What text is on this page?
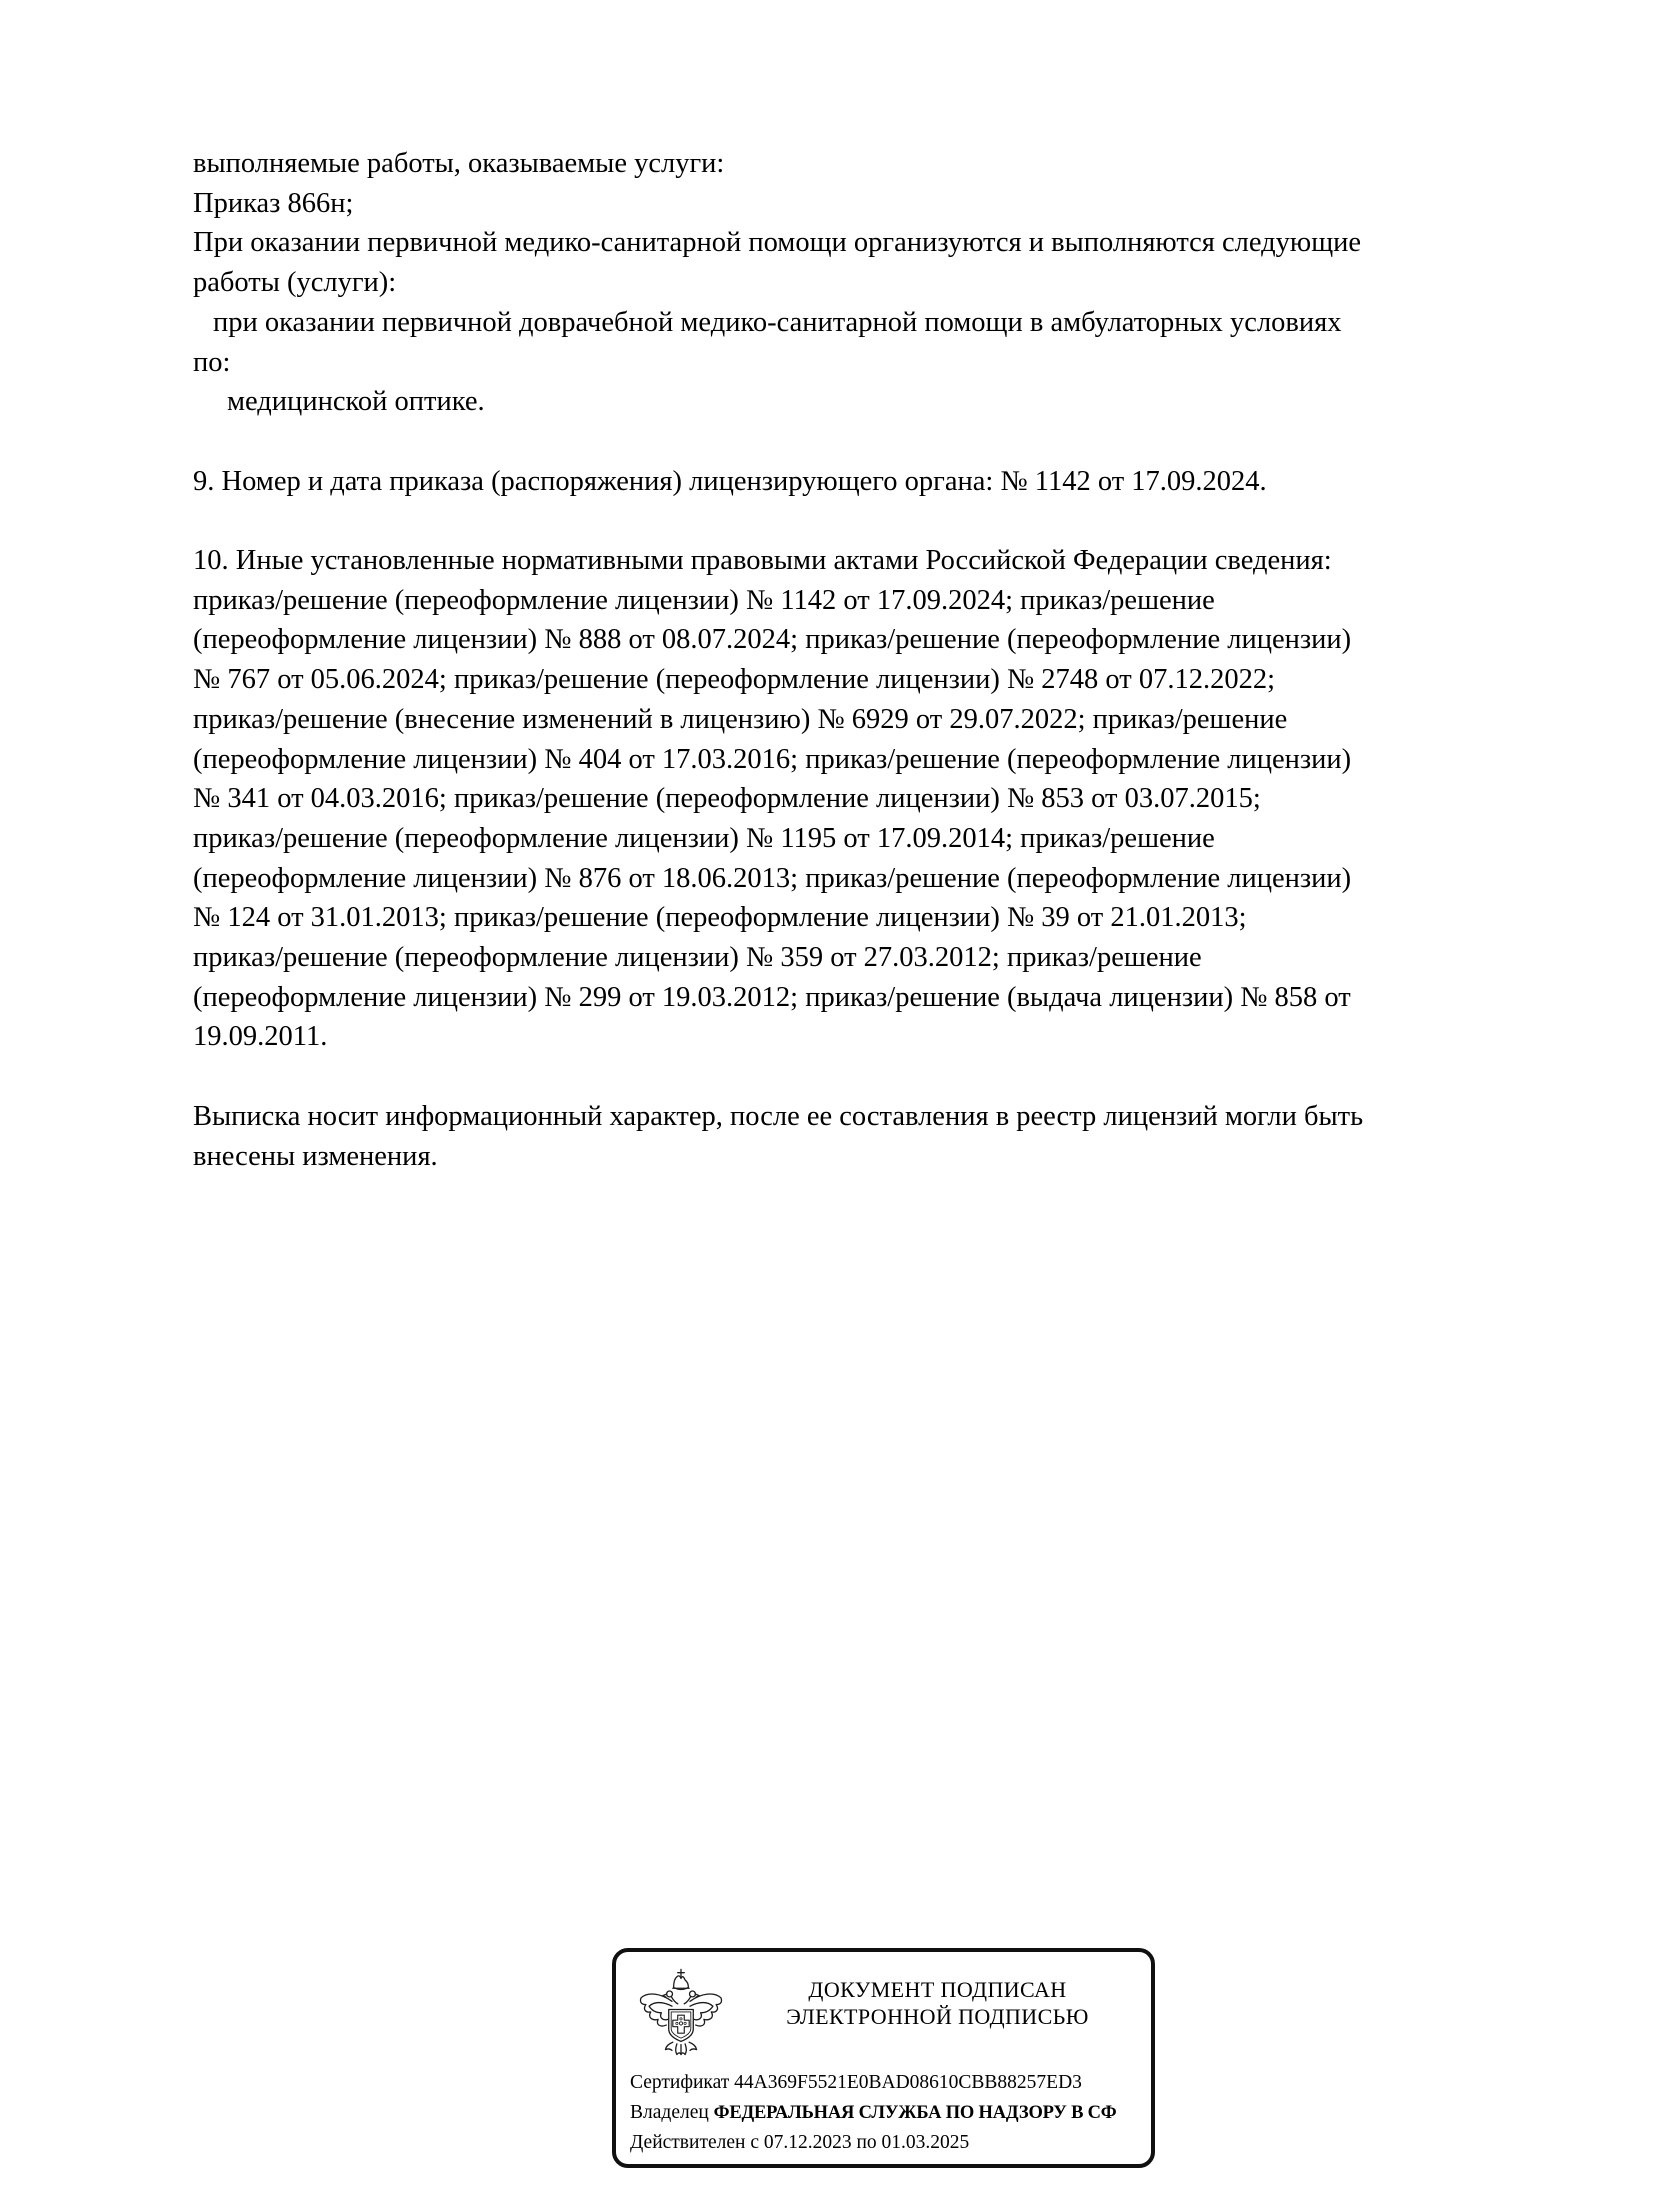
выполняемые работы, оказываемые услуги:
Приказ 866н;
При оказании первичной медико-санитарной помощи организуются и выполняются следующие
работы (услуги):
при оказании первичной доврачебной медико-санитарной помощи в амбулаторных условиях
по:
медицинской оптике.
9. Номер и дата приказа (распоряжения) лицензирующего органа: № 1142 от 17.09.2024.
10. Иные установленные нормативными правовыми актами Российской Федерации сведения:
приказ/решение (переоформление лицензии) № 1142 от 17.09.2024; приказ/решение
(переоформление лицензии) № 888 от 08.07.2024; приказ/решение (переоформление лицензии)
№ 767 от 05.06.2024; приказ/решение (переоформление лицензии) № 2748 от 07.12.2022;
приказ/решение (внесение изменений в лицензию) № 6929 от 29.07.2022; приказ/решение
(переоформление лицензии) № 404 от 17.03.2016; приказ/решение (переоформление лицензии)
№ 341 от 04.03.2016; приказ/решение (переоформление лицензии) № 853 от 03.07.2015;
приказ/решение (переоформление лицензии) № 1195 от 17.09.2014; приказ/решение
(переоформление лицензии) № 876 от 18.06.2013; приказ/решение (переоформление лицензии)
№ 124 от 31.01.2013; приказ/решение (переоформление лицензии) № 39 от 21.01.2013;
приказ/решение (переоформление лицензии) № 359 от 27.03.2012; приказ/решение
(переоформление лицензии) № 299 от 19.03.2012; приказ/решение (выдача лицензии) № 858 от
19.09.2011.
Выписка носит информационный характер, после ее составления в реестр лицензий могли быть
внесены изменения.
ДОКУМЕНТ ПОДПИСАН
ЭЛЕКТРОННОЙ ПОДПИСЬЮ
Сертификат 44A369F5521E0BAD08610CBB88257ED3
Владелец ФЕДЕРАЛЬНАЯ СЛУЖБА ПО НАДЗОРУ В СФ
Действителен с 07.12.2023 по 01.03.2025
